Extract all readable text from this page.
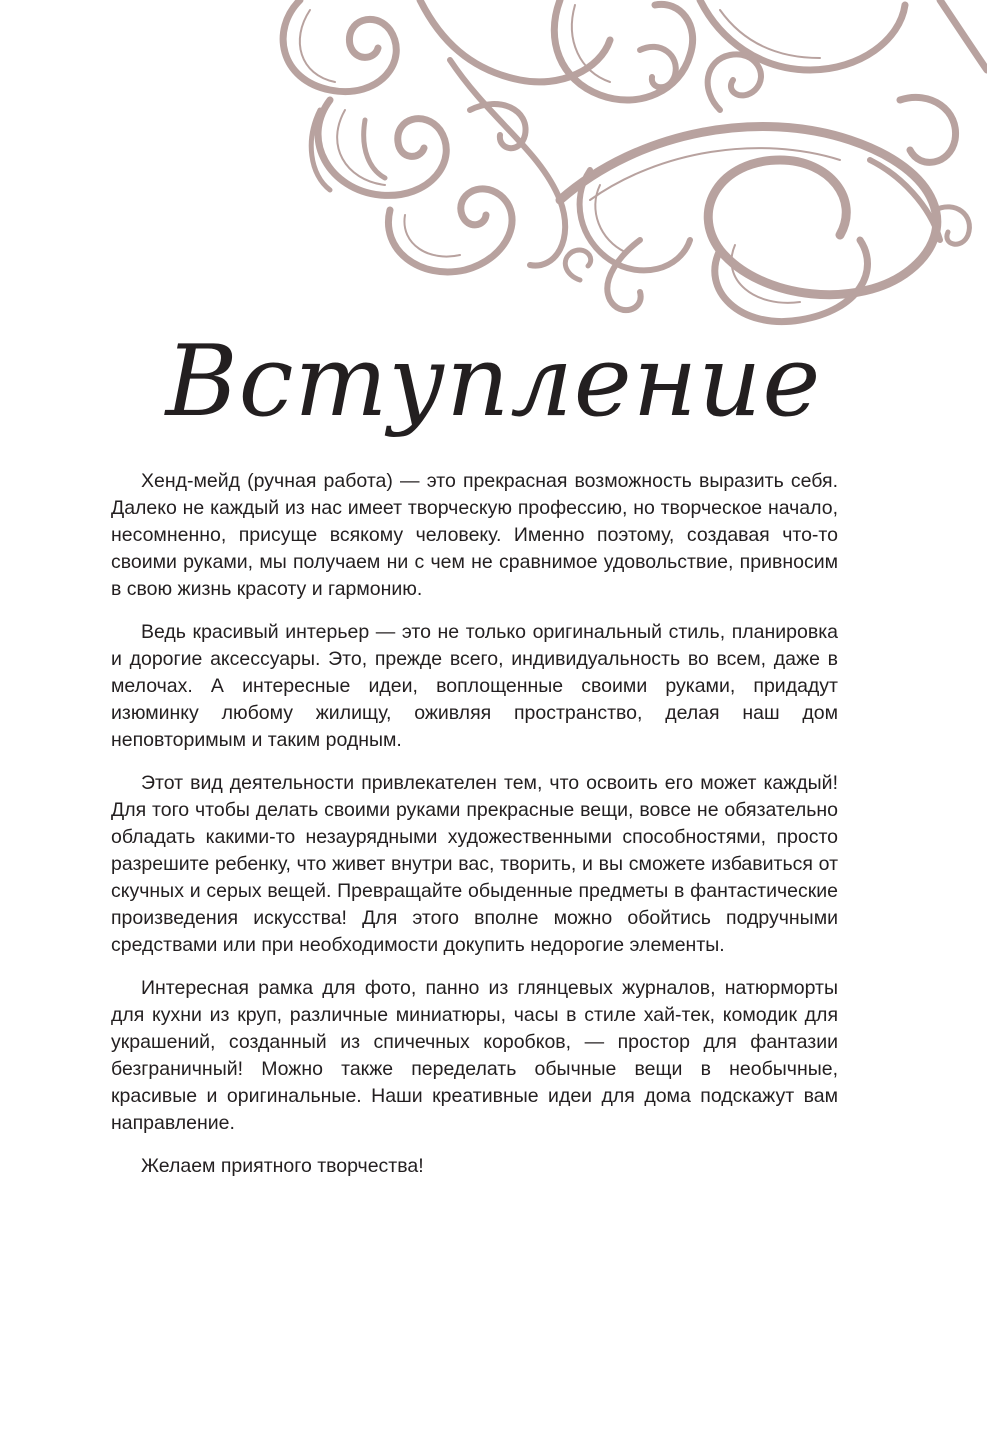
Вступление

Хенд-мейд (ручная работа) — это прекрасная возможность выразить себя. Далеко не каждый из нас имеет творческую профессию, но творческое начало, несомненно, присуще всякому человеку. Именно поэтому, создавая что-то своими руками, мы получаем ни с чем не сравнимое удовольствие, привносим в свою жизнь красоту и гармонию.

Ведь красивый интерьер — это не только оригинальный стиль, планировка и дорогие аксессуары. Это, прежде всего, индивидуальность во всем, даже в мелочах. А интересные идеи, воплощенные своими руками, придадут изюминку любому жилищу, оживляя пространство, делая наш дом неповторимым и таким родным.

Этот вид деятельности привлекателен тем, что освоить его может каждый! Для того чтобы делать своими руками прекрасные вещи, вовсе не обязательно обладать какими-то незаурядными художественными способностями, просто разрешите ребенку, что живет внутри вас, творить, и вы сможете избавиться от скучных и серых вещей. Превращайте обыденные предметы в фантастические произведения искусства! Для этого вполне можно обойтись подручными средствами или при необходимости докупить недорогие элементы.

Интересная рамка для фото, панно из глянцевых журналов, натюрморты для кухни из круп, различные миниатюры, часы в стиле хай-тек, комодик для украшений, созданный из спичечных коробков, — простор для фантазии безграничный! Можно также переделать обычные вещи в необычные, красивые и оригинальные. Наши креативные идеи для дома подскажут вам направление.

Желаем приятного творчества!
